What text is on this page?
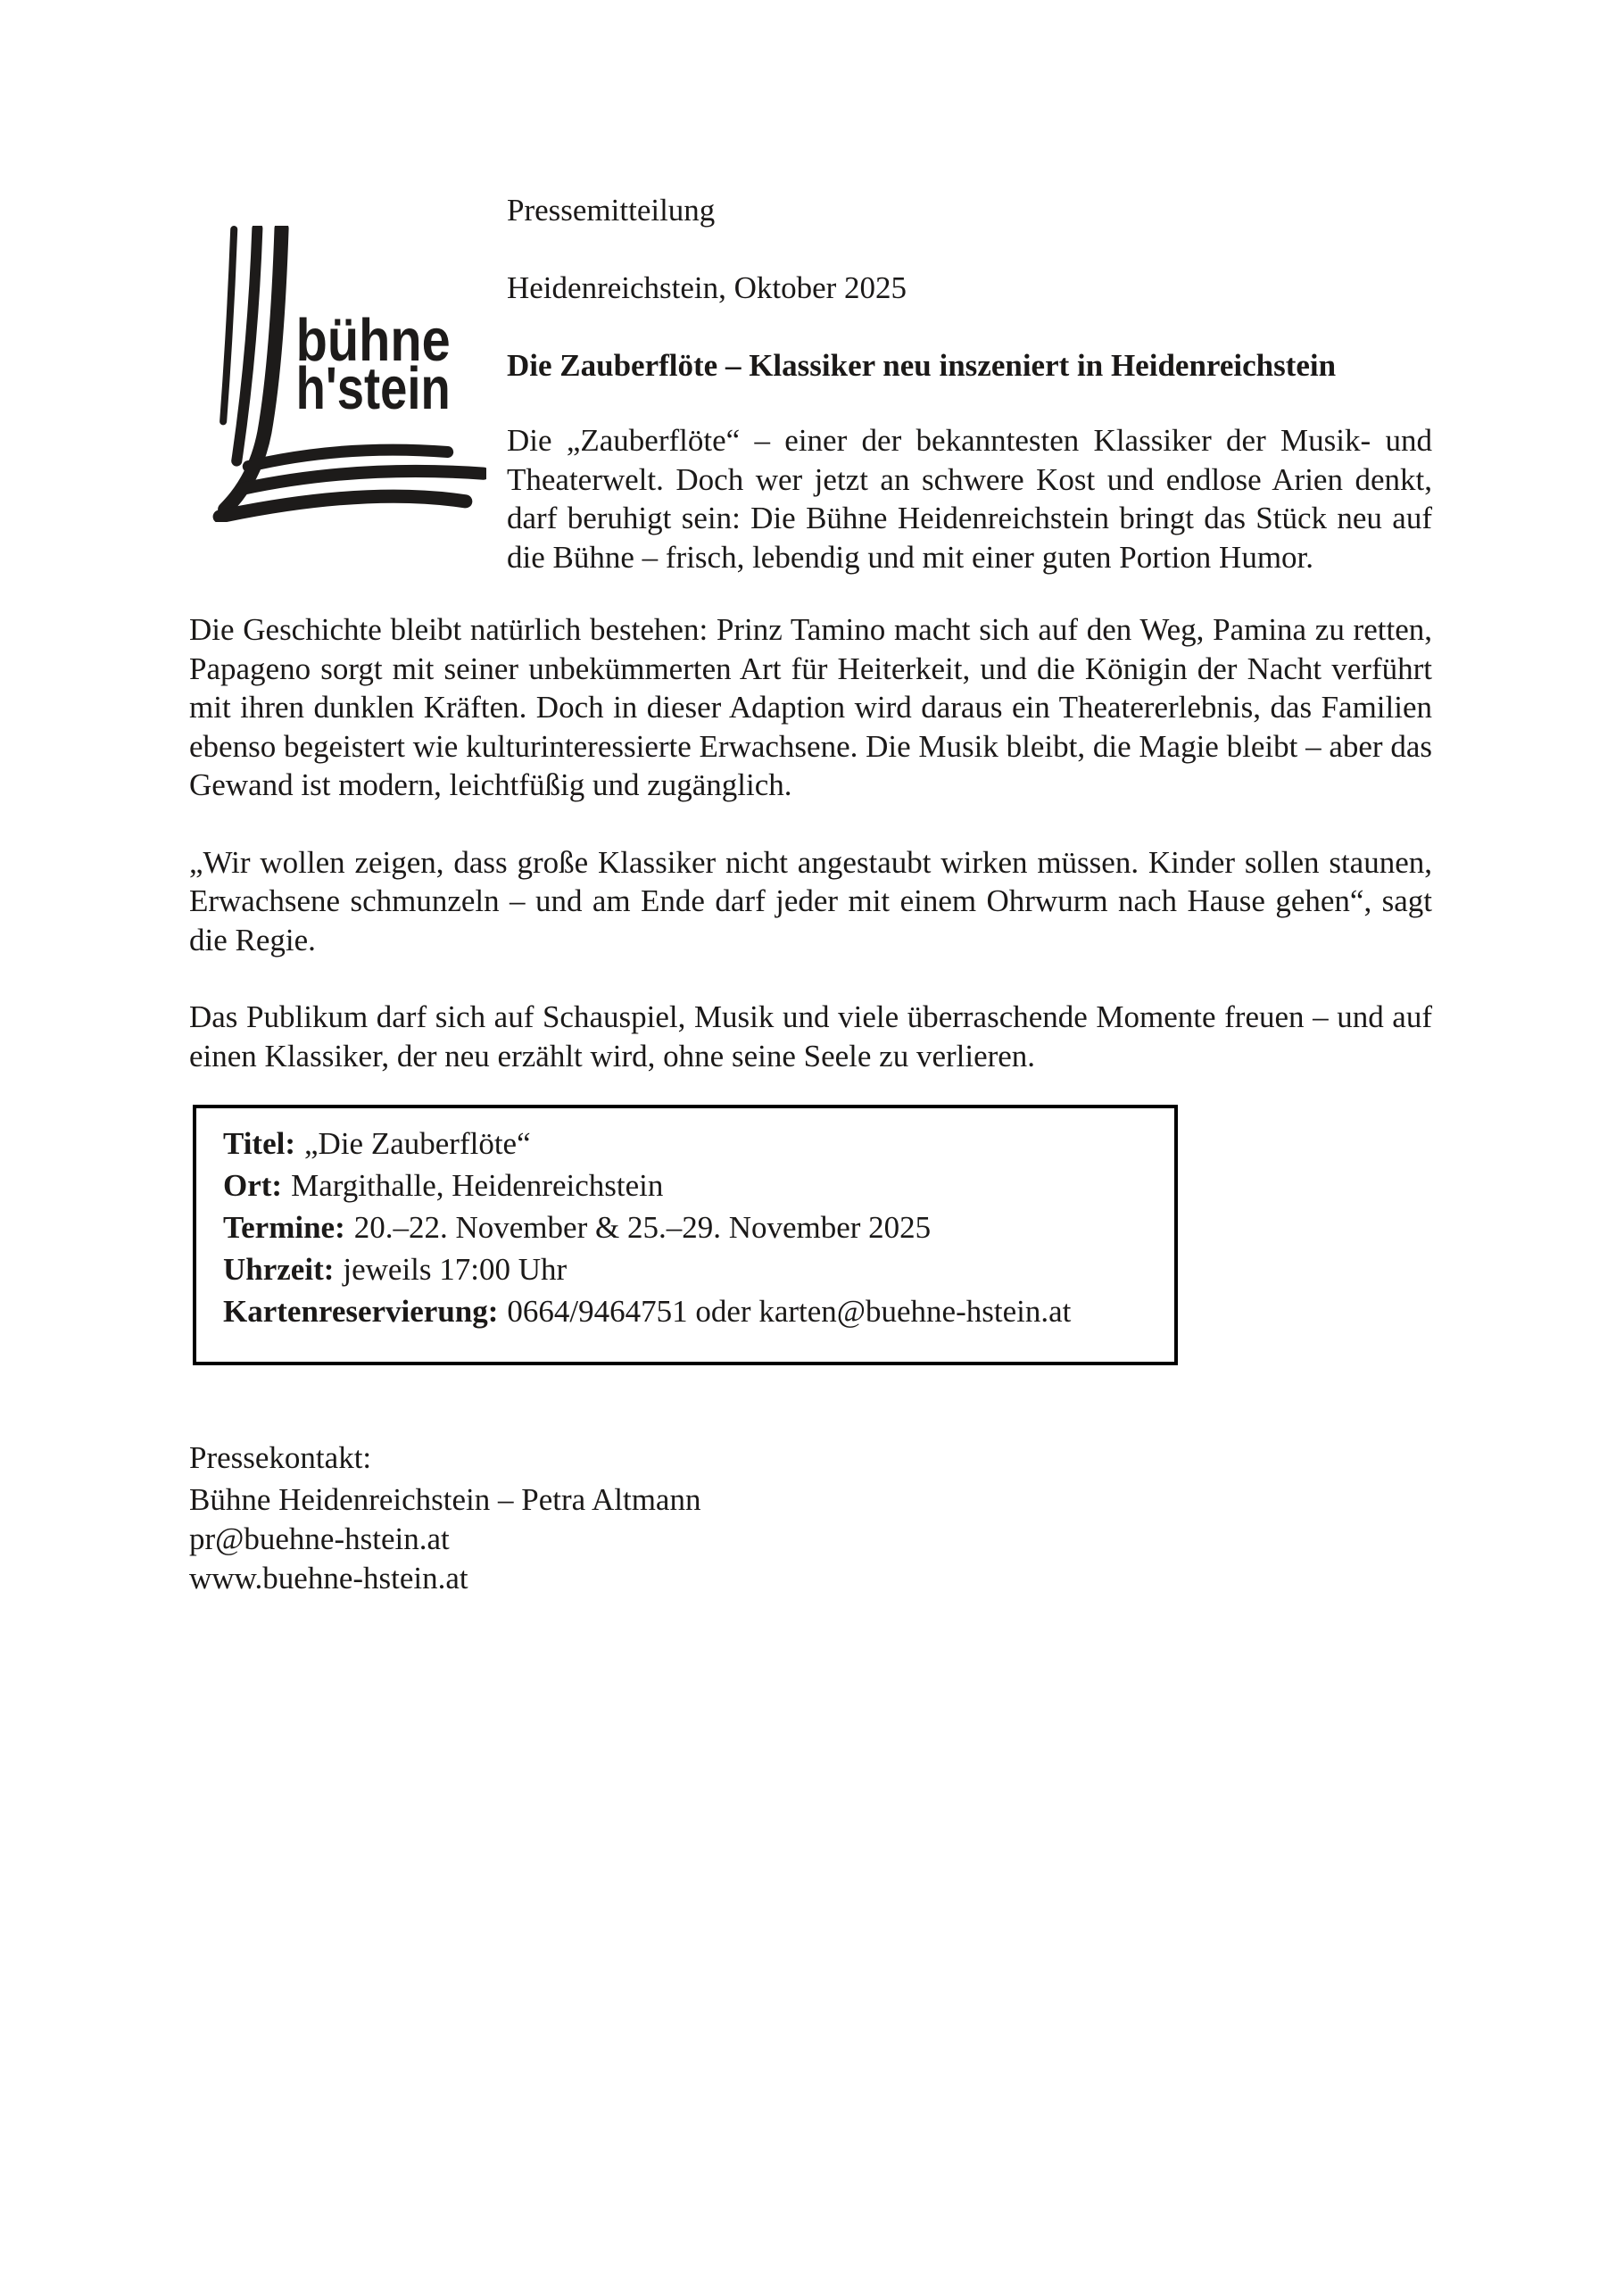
bühne
h'stein
Pressemitteilung
Heidenreichstein, Oktober 2025
Die Zauberflöte – Klassiker neu inszeniert in Heidenreichstein

Die „Zauberflöte“ – einer der bekanntesten Klassiker der Musik- und Theaterwelt. Doch wer jetzt an schwere Kost und endlose Arien denkt, darf beruhigt sein: Die Bühne Heidenreichstein bringt das Stück neu auf die Bühne – frisch, lebendig und mit einer guten Portion Humor.

Die Geschichte bleibt natürlich bestehen: Prinz Tamino macht sich auf den Weg, Pamina zu retten, Papageno sorgt mit seiner unbekümmerten Art für Heiterkeit, und die Königin der Nacht verführt mit ihren dunklen Kräften. Doch in dieser Adaption wird daraus ein Theatererlebnis, das Familien ebenso begeistert wie kulturinteressierte Erwachsene. Die Musik bleibt, die Magie bleibt – aber das Gewand ist modern, leichtfüßig und zugänglich.

„Wir wollen zeigen, dass große Klassiker nicht angestaubt wirken müssen. Kinder sollen staunen, Erwachsene schmunzeln – und am Ende darf jeder mit einem Ohrwurm nach Hause gehen“, sagt die Regie.

Das Publikum darf sich auf Schauspiel, Musik und viele überraschende Momente freuen – und auf einen Klassiker, der neu erzählt wird, ohne seine Seele zu verlieren.

Titel: „Die Zauberflöte“
Ort: Margithalle, Heidenreichstein
Termine: 20.–22. November & 25.–29. November 2025
Uhrzeit: jeweils 17:00 Uhr
Kartenreservierung: 0664/9464751 oder karten@buehne-hstein.at
Pressekontakt:
Bühne Heidenreichstein – Petra Altmann
pr@buehne-hstein.at
www.buehne-hstein.at
